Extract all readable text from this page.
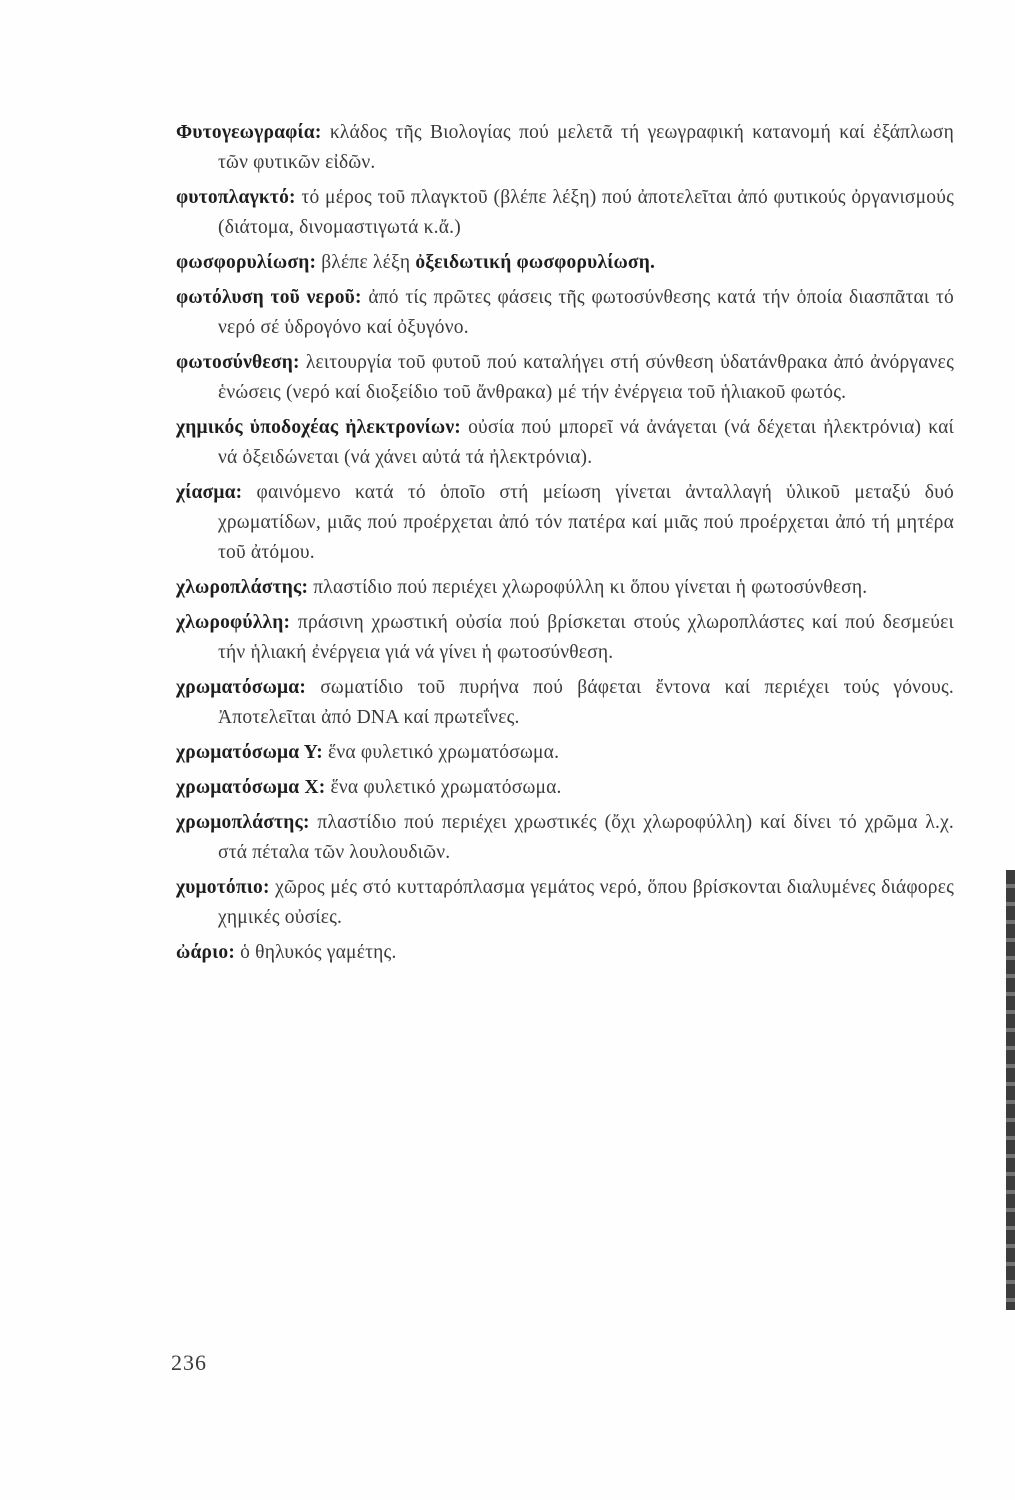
Φυτογεωγραφία: κλάδος τῆς Βιολογίας πού μελετᾶ τή γεωγραφική κατανομή καί ἐξάπλωση τῶν φυτικῶν εἰδῶν.
φυτοπλαγκτό: τό μέρος τοῦ πλαγκτοῦ (βλέπε λέξη) πού ἀποτελεῖται ἀπό φυτικούς ὀργανισμούς (διάτομα, δινομαστιγωτά κ.ἄ.)
φωσφορυλίωση: βλέπε λέξη ὀξειδωτική φωσφορυλίωση.
φωτόλυση τοῦ νεροῦ: ἀπό τίς πρῶτες φάσεις τῆς φωτοσύνθεσης κατά τήν ὁποία διασπᾶται τό νερό σέ ὑδρογόνο καί ὀξυγόνο.
φωτοσύνθεση: λειτουργία τοῦ φυτοῦ πού καταλήγει στή σύνθεση ὑδατάνθρακα ἀπό ἀνόργανες ἑνώσεις (νερό καί διοξείδιο τοῦ ἄνθρακα) μέ τήν ἐνέργεια τοῦ ἡλιακοῦ φωτός.
χημικός ὑποδοχέας ἠλεκτρονίων: οὐσία πού μπορεῖ νά ἀνάγεται (νά δέχεται ἠλεκτρόνια) καί νά ὀξειδώνεται (νά χάνει αὐτά τά ἠλεκτρόνια).
χίασμα: φαινόμενο κατά τό ὁποῖο στή μείωση γίνεται ἀνταλλαγή ὑλικοῦ μεταξύ δυό χρωματίδων, μιᾶς πού προέρχεται ἀπό τόν πατέρα καί μιᾶς πού προέρχεται ἀπό τή μητέρα τοῦ ἀτόμου.
χλωροπλάστης: πλαστίδιο πού περιέχει χλωροφύλλη κι ὅπου γίνεται ἡ φωτοσύνθεση.
χλωροφύλλη: πράσινη χρωστική οὐσία πού βρίσκεται στούς χλωροπλάστες καί πού δεσμεύει τήν ἡλιακή ἐνέργεια γιά νά γίνει ἡ φωτοσύνθεση.
χρωματόσωμα: σωματίδιο τοῦ πυρήνα πού βάφεται ἔντονα καί περιέχει τούς γόνους. Ἀποτελεῖται ἀπό DNA καί πρωτεΐνες.
χρωματόσωμα Υ: ἕνα φυλετικό χρωματόσωμα.
χρωματόσωμα Χ: ἕνα φυλετικό χρωματόσωμα.
χρωμοπλάστης: πλαστίδιο πού περιέχει χρωστικές (ὄχι χλωροφύλλη) καί δίνει τό χρῶμα λ.χ. στά πέταλα τῶν λουλουδιῶν.
χυμοτόπιο: χῶρος μές στό κυτταρόπλασμα γεμάτος νερό, ὅπου βρίσκονται διαλυμένες διάφορες χημικές οὐσίες.
ὠάριο: ὁ θηλυκός γαμέτης.
236
